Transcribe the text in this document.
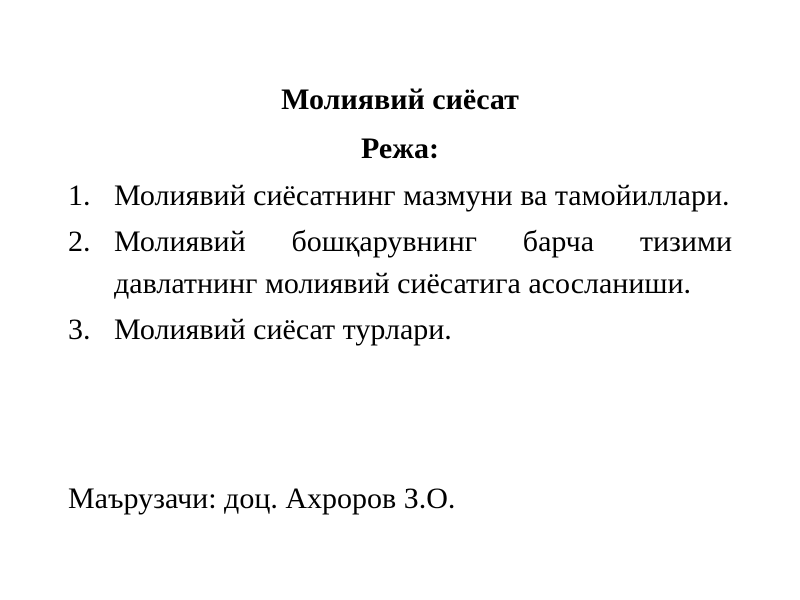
Молиявий сиёсат
Режа:
1. Молиявий сиёсатнинг мазмуни ва тамойиллари.
2. Молиявий бошқарувнинг барча тизими давлатнинг молиявий сиёсатига асосланиши.
3. Молиявий сиёсат турлари.
Маърузачи: доц. Ахроров З.О.
